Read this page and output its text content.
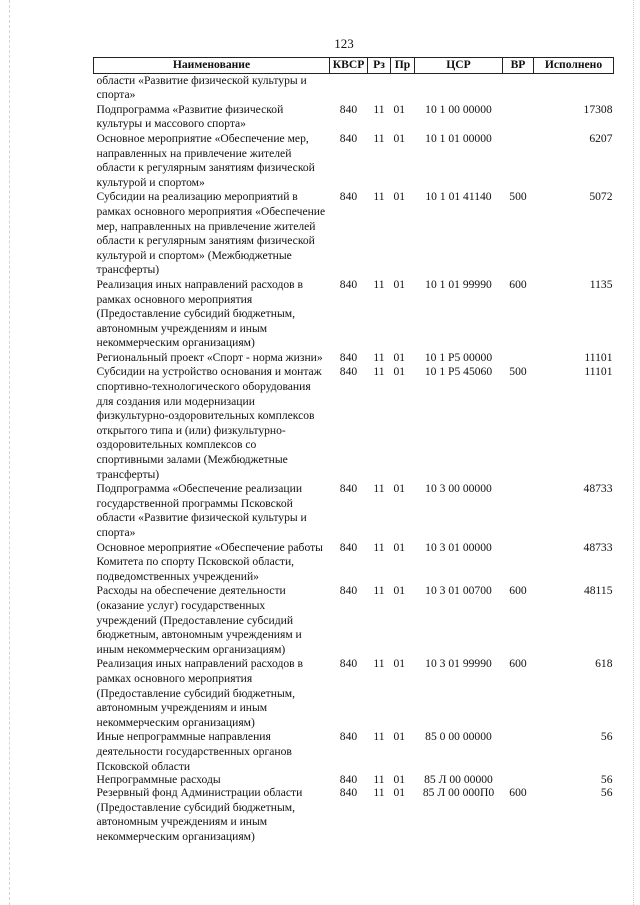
123
Наименование	КВСР	Рз	Пр	ЦСР	ВР	Исполнено
области «Развитие физической культуры и спорта»						
Подпрограмма «Развитие физической культуры и массового спорта»	840	11	01	10 1 00 00000		17308
Основное мероприятие «Обеспечение мер, направленных на привлечение жителей области к регулярным занятиям физической культурой и спортом»	840	11	01	10 1 01 00000		6207
Субсидии на реализацию мероприятий в рамках основного мероприятия «Обеспечение мер, направленных на привлечение жителей области к регулярным занятиям физической культурой и спортом» (Межбюджетные трансферты)	840	11	01	10 1 01 41140	500	5072
Реализация иных направлений расходов в рамках основного мероприятия (Предоставление субсидий бюджетным, автономным учреждениям и иным некоммерческим организациям)	840	11	01	10 1 01 99990	600	1135
Региональный проект «Спорт - норма жизни»	840	11	01	10 1 P5 00000		11101
Субсидии на устройство основания и монтаж спортивно-технологического оборудования для создания или модернизации физкультурно-оздоровительных комплексов открытого типа и (или) физкультурно-оздоровительных комплексов со спортивными залами (Межбюджетные трансферты)	840	11	01	10 1 P5 45060	500	11101
Подпрограмма «Обеспечение реализации государственной программы Псковской области «Развитие физической культуры и спорта»	840	11	01	10 3 00 00000		48733
Основное мероприятие «Обеспечение работы Комитета по спорту Псковской области, подведомственных учреждений»	840	11	01	10 3 01 00000		48733
Расходы на обеспечение деятельности (оказание услуг) государственных учреждений (Предоставление субсидий бюджетным, автономным учреждениям и иным некоммерческим организациям)	840	11	01	10 3 01 00700	600	48115
Реализация иных направлений расходов в рамках основного мероприятия (Предоставление субсидий бюджетным, автономным учреждениям и иным некоммерческим организациям)	840	11	01	10 3 01 99990	600	618
Иные непрограммные направления деятельности государственных органов Псковской области	840	11	01	85 0 00 00000		56
Непрограммные расходы	840	11	01	85 Л 00 00000		56
Резервный фонд Администрации области (Предоставление субсидий бюджетным, автономным учреждениям и иным некоммерческим организациям)	840	11	01	85 Л 00 000П0	600	56
